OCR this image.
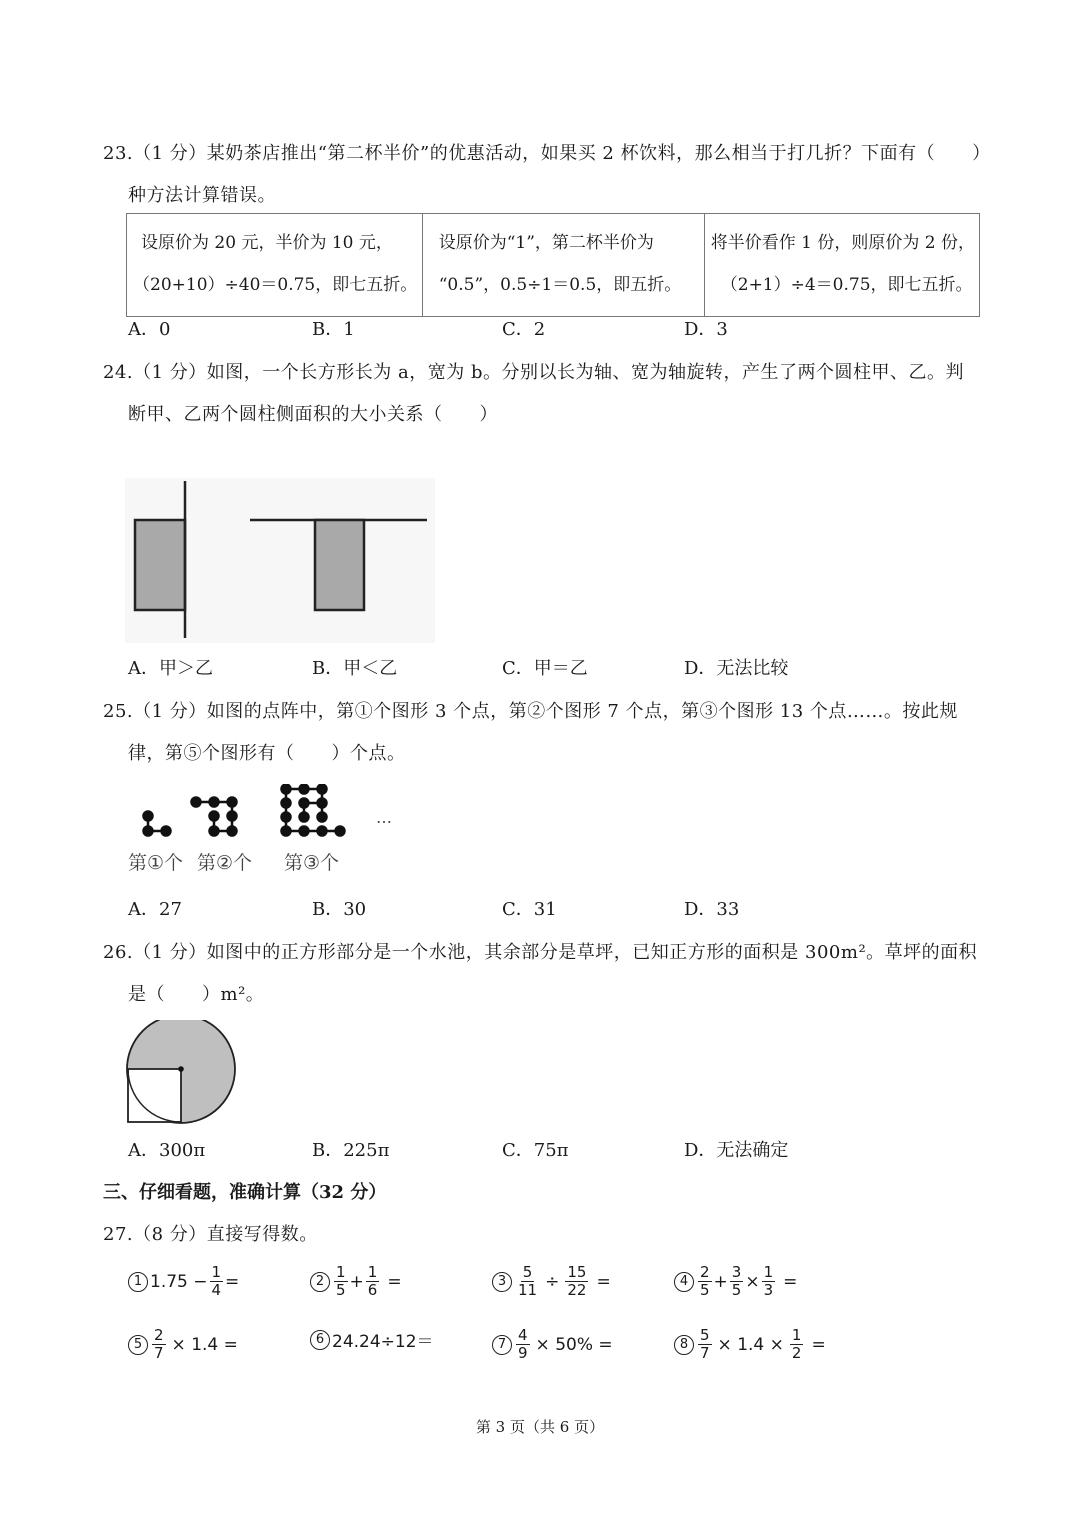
23.（1 分）某奶茶店推出“第二杯半价”的优惠活动，如果买 2 杯饮料，那么相当于打几折？下面有（　　）
种方法计算错误。
设原价为 20 元，半价为 10 元，
（20+10）÷40＝0.75，即七五折。

设原价为“1”，第二杯半价为
“0.5”，0.5÷1＝0.5，即五折。

将半价看作 1 份，则原价为 2 份，
（2+1）÷4＝0.75，即七五折。
A．0	B．1	C．2	D．3
24.（1 分）如图，一个长方形长为 a，宽为 b。分别以长为轴、宽为轴旋转，产生了两个圆柱甲、乙。判
断甲、乙两个圆柱侧面积的大小关系（　　）
A．甲＞乙	B．甲＜乙	C．甲＝乙	D．无法比较
25.（1 分）如图的点阵中，第①个图形 3 个点，第②个图形 7 个点，第③个图形 13 个点……。按此规
律，第⑤个图形有（　　）个点。
…
第①个 第②个 第③个
A．27	B．30	C．31	D．33
26.（1 分）如图中的正方形部分是一个水池，其余部分是草坪，已知正方形的面积是 300m²。草坪的面积
是（　　）m²。
A．300π	B．225π	C．75π	D．无法确定
三、仔细看题，准确计算（32 分）
27.（8 分）直接写得数。
1 $1.75 - \frac{1}{4}$ =	$2 \frac{1}{5} + \frac{1}{6}$ =	$3 \frac{5}{11} \div \frac{15}{22}$ =	$4 \frac{2}{5} + \frac{3}{5} \times \frac{1}{3}$ =
$5 \frac{2}{7} \times 1.4$ =	6 24.24÷12＝	$7 \frac{4}{9} \times 50\%$ =	$8 \frac{5}{7} \times 1.4 \times \frac{1}{2}$ =
第 3 页（共 6 页）
